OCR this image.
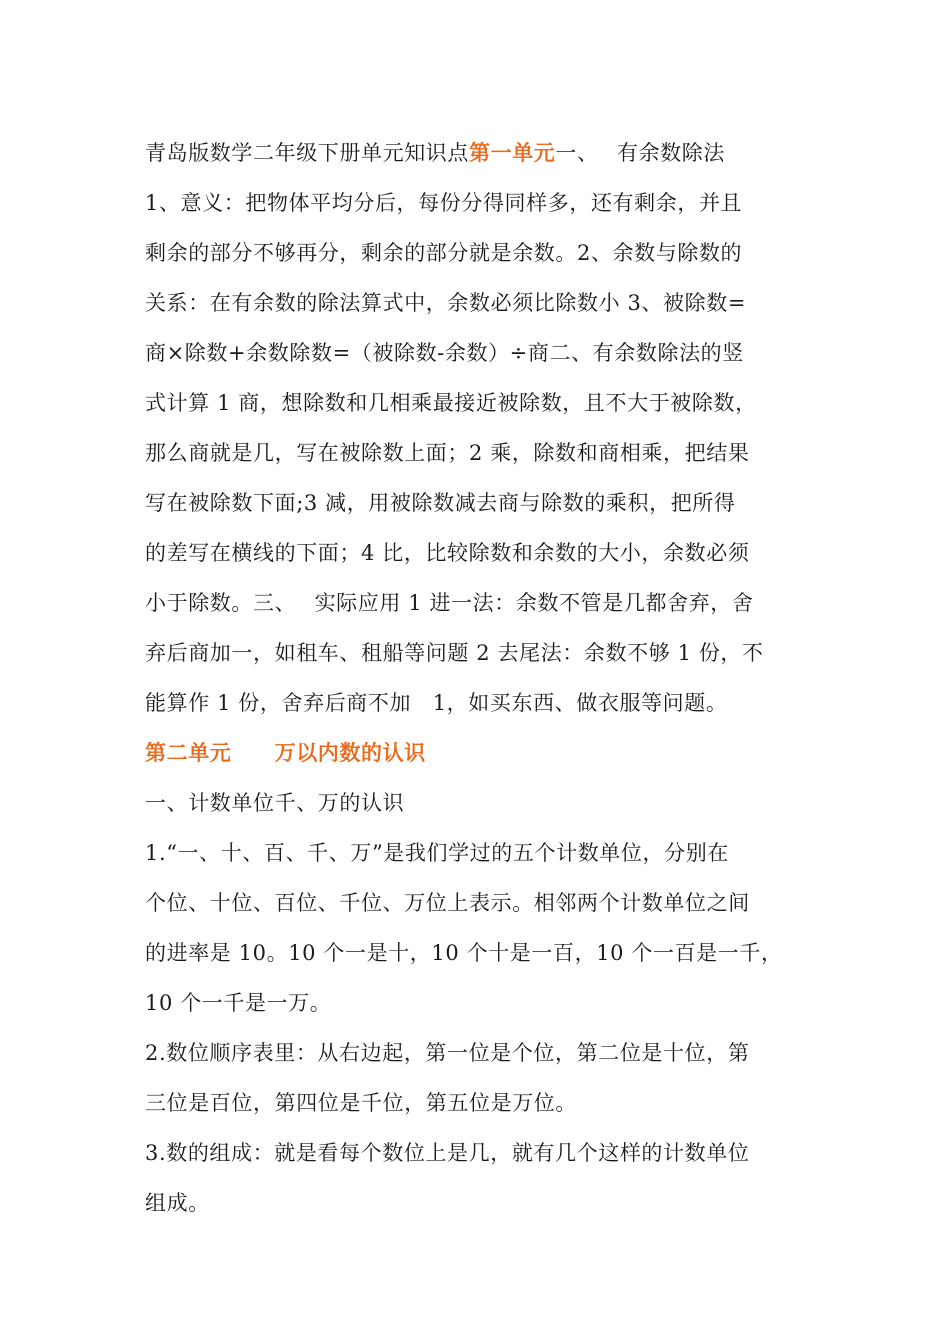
青岛版数学二年级下册单元知识点第一单元一、　 有余数除法
1、意义：把物体平均分后，每份分得同样多，还有剩余，并且
剩余的部分不够再分，剩余的部分就是余数。2、余数与除数的
关系：在有余数的除法算式中，余数必须比除数小 3、被除数=
商×除数+余数除数=（被除数-余数）÷商二、有余数除法的竖
式计算 1 商，想除数和几相乘最接近被除数，且不大于被除数，
那么商就是几，写在被除数上面；2 乘，除数和商相乘，把结果
写在被除数下面;3 减，用被除数减去商与除数的乘积，把所得
的差写在横线的下面；4 比，比较除数和余数的大小，余数必须
小于除数。三、　 实际应用 1 进一法：余数不管是几都舍弃，舍
弃后商加一，如租车、租船等问题 2 去尾法：余数不够 1 份，不
能算作 1 份，舍弃后商不加　1，如买东西、做衣服等问题。
第二单元　　万以内数的认识
一、计数单位千、万的认识
1.“一、十、百、千、万”是我们学过的五个计数单位，分别在
个位、十位、百位、千位、万位上表示。相邻两个计数单位之间
的进率是 10。10 个一是十，10 个十是一百，10 个一百是一千，
10 个一千是一万。
2.数位顺序表里：从右边起，第一位是个位，第二位是十位，第
三位是百位，第四位是千位，第五位是万位。
3.数的组成：就是看每个数位上是几，就有几个这样的计数单位
组成。
